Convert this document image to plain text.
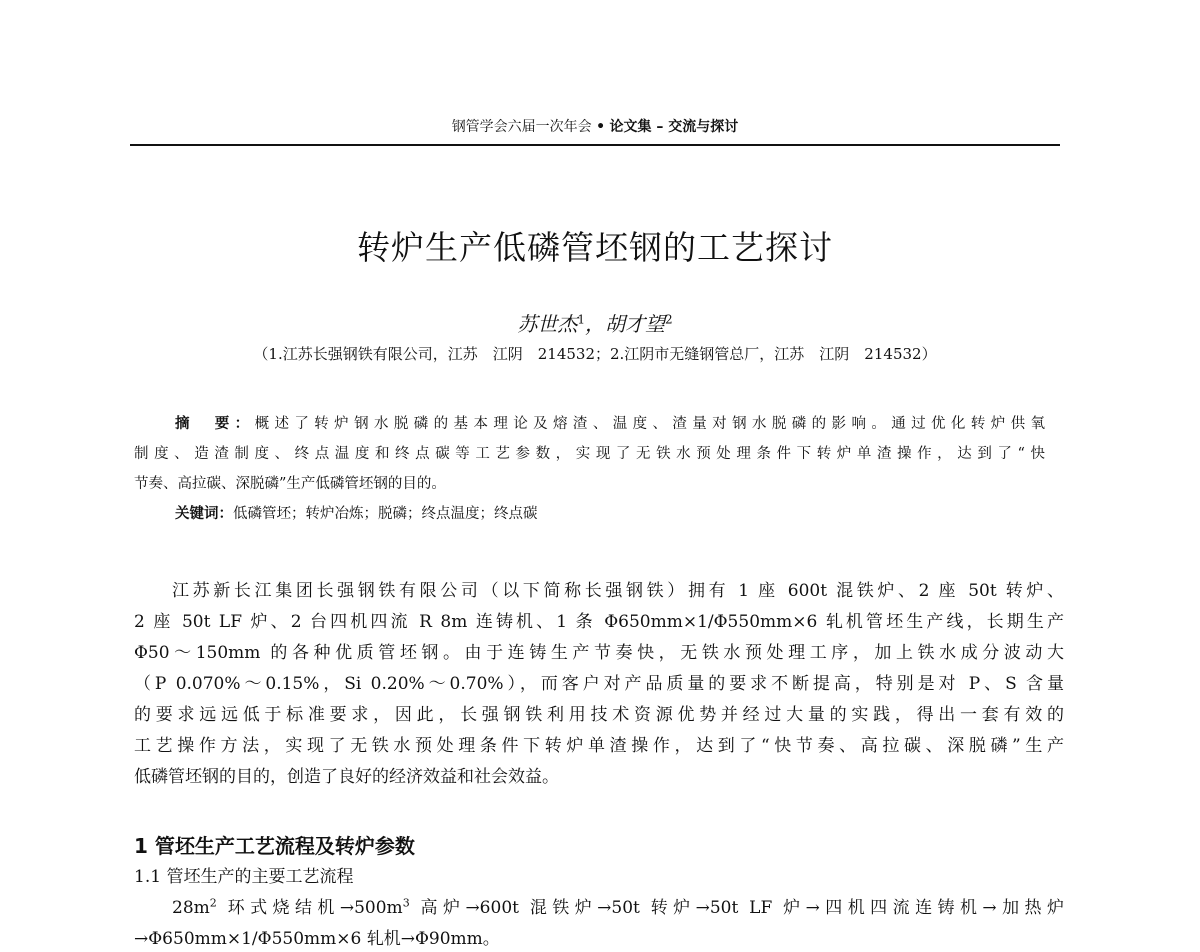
钢管学会六届一次年会 • 论文集 – 交流与探讨
转炉生产低磷管坯钢的工艺探讨
苏世杰$^1$，胡才望$^2$
（1.江苏长强钢铁有限公司，江苏　江阴　214532；2.江阴市无缝钢管总厂，江苏　江阴　214532）
摘　要：概述了转炉钢水脱磷的基本理论及熔渣、温度、渣量对钢水脱磷的影响。通过优化转炉供氧
制度、造渣制度、终点温度和终点碳等工艺参数，实现了无铁水预处理条件下转炉单渣操作，达到了“快
节奏、高拉碳、深脱磷”生产低磷管坯钢的目的。
关键词：低磷管坯；转炉冶炼；脱磷；终点温度；终点碳
江苏新长江集团长强钢铁有限公司（以下简称长强钢铁）拥有 1 座 600t 混铁炉、2 座 50t 转炉、
2 座 50t LF 炉、2 台四机四流 R 8m 连铸机、1 条 Φ650mm×1/Φ550mm×6 轧机管坯生产线，长期生产
Φ50～150mm 的各种优质管坯钢。由于连铸生产节奏快，无铁水预处理工序，加上铁水成分波动大
（P 0.070%～0.15%，Si 0.20%～0.70%），而客户对产品质量的要求不断提高，特别是对 P、S 含量
的要求远远低于标准要求，因此，长强钢铁利用技术资源优势并经过大量的实践，得出一套有效的
工艺操作方法，实现了无铁水预处理条件下转炉单渣操作，达到了“快节奏、高拉碳、深脱磷”生产
低磷管坯钢的目的，创造了良好的经济效益和社会效益。
1 管坯生产工艺流程及转炉参数
1.1 管坯生产的主要工艺流程
$28m^2$ 环式烧结机$\to 500m^3$ 高炉→600t 混铁炉→50t 转炉→50t LF 炉→四机四流连铸机→加热炉
→Φ650mm×1/Φ550mm×6 轧机→Φ90mm。
